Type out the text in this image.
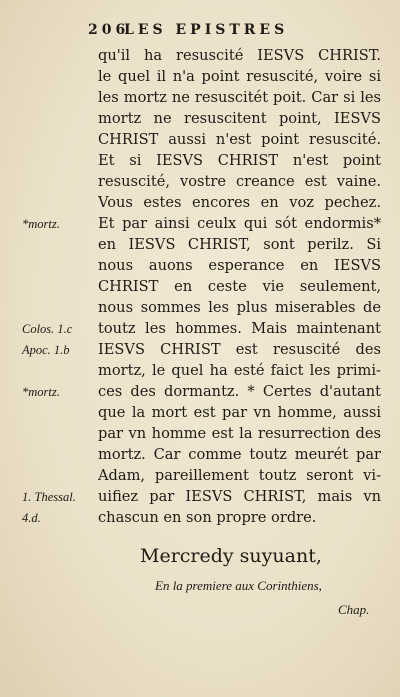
206
LES EPISTRES
qu'il ha resuscité IESVS CHRIST.
le quel il n'a point resuscité, voire si
les mortz ne resuscitét poit. Car si les
mortz ne resuscitent point, IESVS
CHRIST aussi n'est point resuscité.
Et si IESVS CHRIST n'est point
resuscité, vostre creance est vaine.
Vous estes encores en voz pechez.
Et par ainsi ceulx qui sót endormis*
en IESVS CHRIST, sont perilz. Si
nous auons esperance en IESVS
CHRIST en ceste vie seulement,
nous sommes les plus miserables de
toutz les hommes. Mais maintenant
IESVS CHRIST est resuscité des
mortz, le quel ha esté faict les primi-
ces des dormantz. * Certes d'autant
que la mort est par vn homme, aussi
par vn homme est la resurrection des
mortz. Car comme toutz meurét par
Adam, pareillement toutz seront vi-
uifiez par IESVS CHRIST, mais vn
chascun en son propre ordre.
*mortz.
Colos. 1.c
Apoc. 1.b
*mortz.
1. Thessal.
4.d.
Mercredy suyuant,
En la premiere aux Corinthiens,
Chap.
